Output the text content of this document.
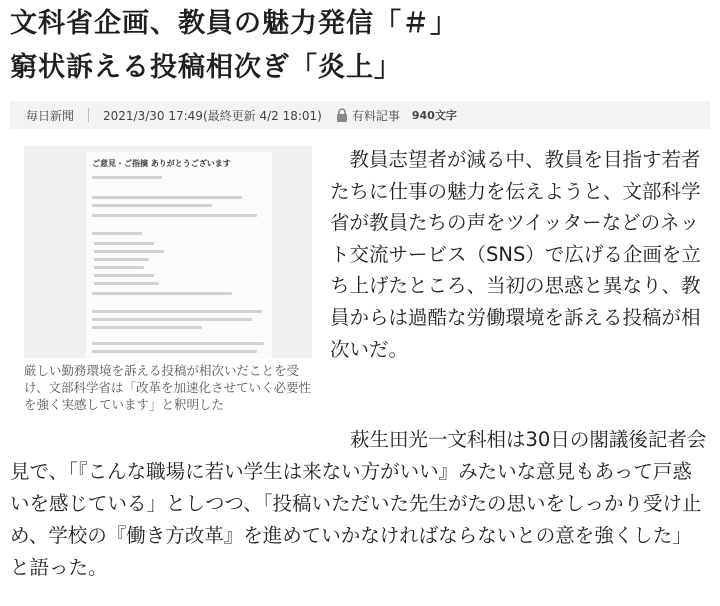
文科省企画、教員の魅力発信「＃」
窮状訴える投稿相次ぎ「炎上」
毎日新聞	2021/3/30 17:49(最終更新 4/2 18:01)	有料記事 940文字
ご意見・ご指摘 ありがとうございます
厳しい勤務環境を訴える投稿が相次いだことを受け、文部科学省は「改革を加速化させていく必要性を強く実感しています」と釈明した

教員志望者が減る中、教員を目指す若者たちに仕事の魅力を伝えようと、文部科学省が教員たちの声をツイッターなどのネット交流サービス（SNS）で広げる企画を立ち上げたところ、当初の思惑と異なり、教員からは過酷な労働環境を訴える投稿が相次いだ。

萩生田光一文科相は30日の閣議後記者会見で、「『こんな職場に若い学生は来ない方がいい』みたいな意見もあって戸惑いを感じている」としつつ、「投稿いただいた先生がたの思いをしっかり受け止め、学校の『働き方改革』を進めていかなければならないとの意を強くした」と語った。
